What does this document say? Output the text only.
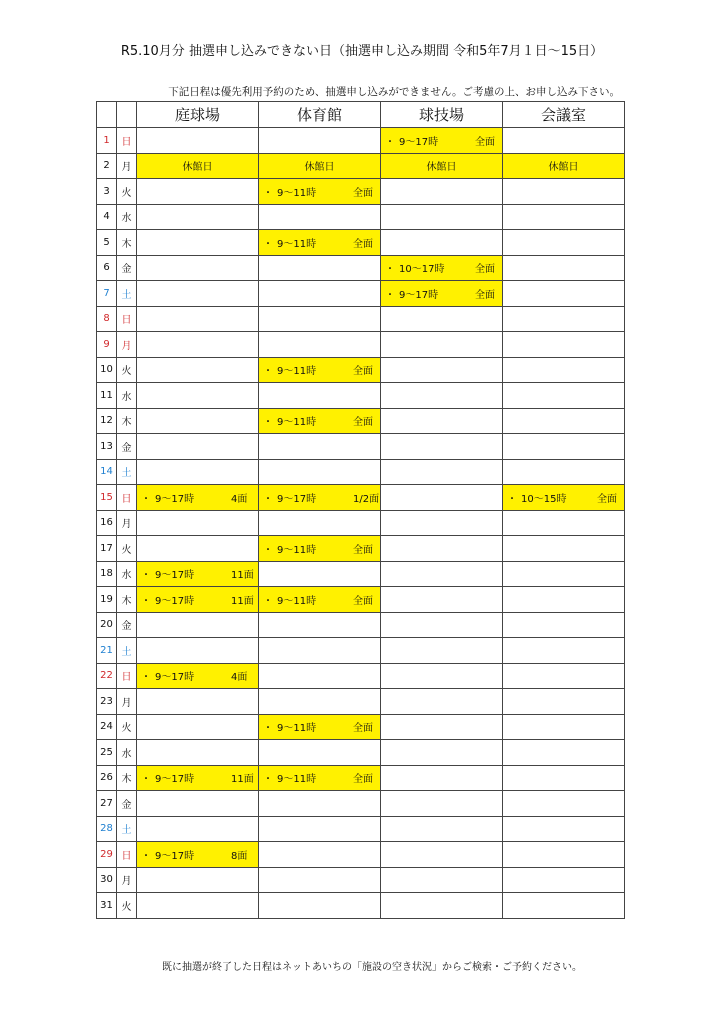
R5.10月分 抽選申し込みできない日（抽選申し込み期間 令和5年7月１日～15日）
下記日程は優先利用予約のため、抽選申し込みができません。ご考慮の上、お申し込み下さい。
		庭球場	体育館	球技場	会議室
1	日			・ 9～17時 全面	
2	月	休館日	休館日	休館日	休館日
3	火		・ 9～11時 全面		
4	水				
5	木		・ 9～11時 全面		
6	金			・ 10～17時 全面	
7	土			・ 9～17時 全面	
8	日				
9	月				
10	火		・ 9～11時 全面		
11	水				
12	木		・ 9～11時 全面		
13	金				
14	土				
15	日	・ 9～17時 4面	・ 9～17時 1/2面		・ 10～15時 全面
16	月				
17	火		・ 9～11時 全面		
18	水	・ 9～17時 11面			
19	木	・ 9～17時 11面	・ 9～11時 全面		
20	金				
21	土				
22	日	・ 9～17時 4面			
23	月				
24	火		・ 9～11時 全面		
25	水				
26	木	・ 9～17時 11面	・ 9～11時 全面		
27	金				
28	土				
29	日	・ 9～17時 8面			
30	月				
31	火				
既に抽選が終了した日程はネットあいちの「施設の空き状況」からご検索・ご予約ください。
